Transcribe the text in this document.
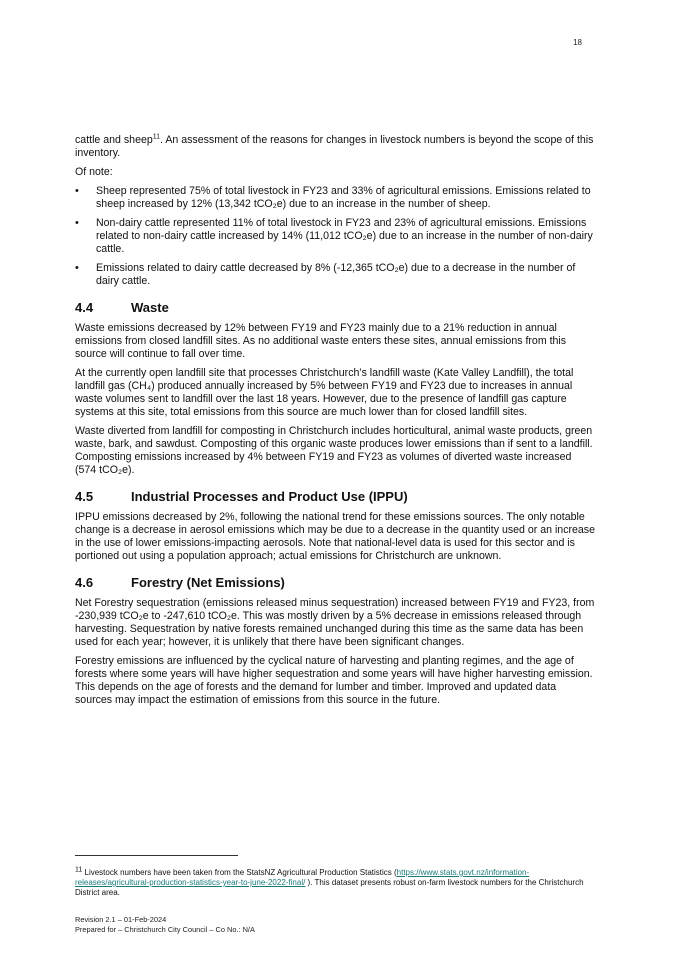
18

cattle and sheep$^{11}$. An assessment of the reasons for changes in livestock numbers is beyond the scope of this inventory.

Of note:

• Sheep represented 75% of total livestock in FY23 and 33% of agricultural emissions. Emissions related to sheep increased by 12% (13,342 tCO₂e) due to an increase in the number of sheep.
• Non-dairy cattle represented 11% of total livestock in FY23 and 23% of agricultural emissions. Emissions related to non-dairy cattle increased by 14% (11,012 tCO₂e) due to an increase in the number of non-dairy cattle.
• Emissions related to dairy cattle decreased by 8% (-12,365 tCO₂e) due to a decrease in the number of dairy cattle.
4.4	Waste

Waste emissions decreased by 12% between FY19 and FY23 mainly due to a 21% reduction in annual emissions from closed landfill sites. As no additional waste enters these sites, annual emissions from this source will continue to fall over time.

At the currently open landfill site that processes Christchurch’s landfill waste (Kate Valley Landfill), the total landfill gas (CH₄) produced annually increased by 5% between FY19 and FY23 due to increases in annual waste volumes sent to landfill over the last 18 years. However, due to the presence of landfill gas capture systems at this site, total emissions from this source are much lower than for closed landfill sites.

Waste diverted from landfill for composting in Christchurch includes horticultural, animal waste products, green waste, bark, and sawdust. Composting of this organic waste produces lower emissions than if sent to a landfill. Composting emissions increased by 4% between FY19 and FY23 as volumes of diverted waste increased (574 tCO₂e).

4.5	Industrial Processes and Product Use (IPPU)

IPPU emissions decreased by 2%, following the national trend for these emissions sources. The only notable change is a decrease in aerosol emissions which may be due to a decrease in the quantity used or an increase in the use of lower emissions-impacting aerosols. Note that national-level data is used for this sector and is portioned out using a population approach; actual emissions for Christchurch are unknown.

4.6	Forestry (Net Emissions)

Net Forestry sequestration (emissions released minus sequestration) increased between FY19 and FY23, from -230,939 tCO₂e to -247,610 tCO₂e. This was mostly driven by a 5% decrease in emissions released through harvesting. Sequestration by native forests remained unchanged during this time as the same data has been used for each year; however, it is unlikely that there have been significant changes.

Forestry emissions are influenced by the cyclical nature of harvesting and planting regimes, and the age of forests where some years will have higher sequestration and some years will have higher harvesting emission. This depends on the age of forests and the demand for lumber and timber. Improved and updated data sources may impact the estimation of emissions from this source in the future.

$^{11}$ Livestock numbers have been taken from the StatsNZ Agricultural Production Statistics (https://www.stats.govt.nz/information-releases/agricultural-production-statistics-year-to-june-2022-final/ ). This dataset presents robust on-farm livestock numbers for the Christchurch District area.
Revision 2.1 – 01-Feb-2024
Prepared for – Christchurch City Council – Co No.: N/A
